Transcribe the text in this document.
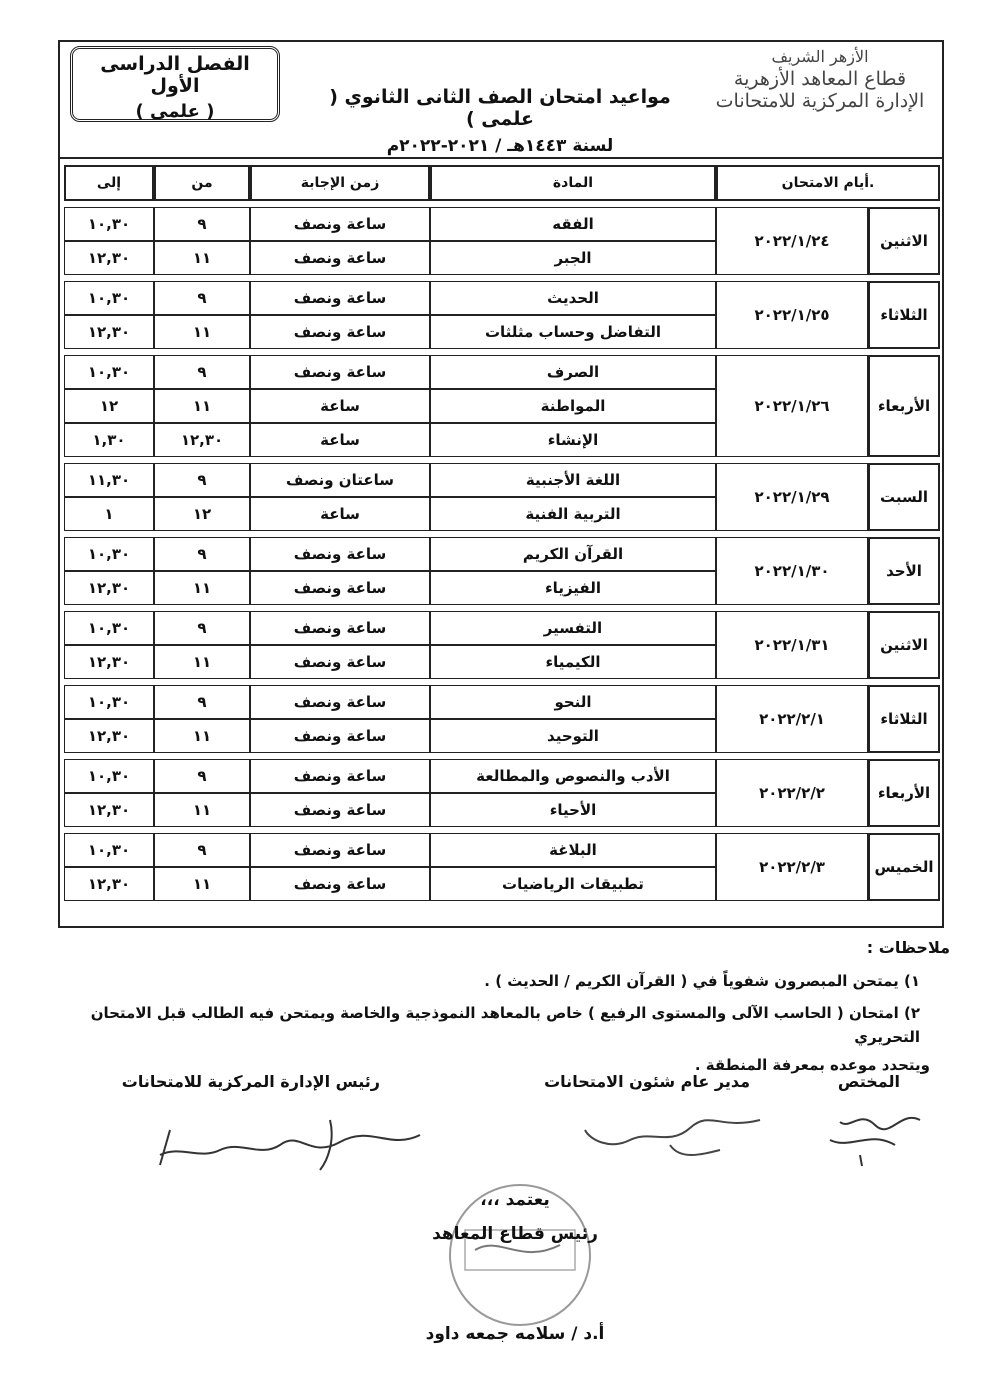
الفصل الدراسى الأول
( علمى )
الأزهر الشريف
قطاع المعاهد الأزهرية
الإدارة المركزية للامتحانات
مواعيد امتحان الصف الثانى الثانوي ( علمى )
لسنة ١٤٤٣هـ / ٢٠٢١-٢٠٢٢م
.أيام الامتحان		المادة	زمن الإجابة	من	إلى

الاثنين	٢٠٢٢/١/٢٤	الفقه	ساعة ونصف	٩	١٠,٣٠
		الجبر	ساعة ونصف	١١	١٢,٣٠

الثلاثاء	٢٠٢٢/١/٢٥	الحديث	ساعة ونصف	٩	١٠,٣٠
		التفاضل وحساب مثلثات	ساعة ونصف	١١	١٢,٣٠

الأربعاء	٢٠٢٢/١/٢٦	الصرف	ساعة ونصف	٩	١٠,٣٠
		المواطنة	ساعة	١١	١٢
		الإنشاء	ساعة	١٢,٣٠	١,٣٠

السبت	٢٠٢٢/١/٢٩	اللغة الأجنبية	ساعتان ونصف	٩	١١,٣٠
		التربية الفنية	ساعة	١٢	١

الأحد	٢٠٢٢/١/٣٠	القرآن الكريم	ساعة ونصف	٩	١٠,٣٠
		الفيزياء	ساعة ونصف	١١	١٢,٣٠

الاثنين	٢٠٢٢/١/٣١	التفسير	ساعة ونصف	٩	١٠,٣٠
		الكيمياء	ساعة ونصف	١١	١٢,٣٠

الثلاثاء	٢٠٢٢/٢/١	النحو	ساعة ونصف	٩	١٠,٣٠
		التوحيد	ساعة ونصف	١١	١٢,٣٠

الأربعاء	٢٠٢٢/٢/٢	الأدب والنصوص والمطالعة	ساعة ونصف	٩	١٠,٣٠
		الأحياء	ساعة ونصف	١١	١٢,٣٠

الخميس	٢٠٢٢/٢/٣	البلاغة	ساعة ونصف	٩	١٠,٣٠
		تطبيقات الرياضيات	ساعة ونصف	١١	١٢,٣٠
ملاحظات :
١) يمتحن المبصرون شفوياً في ( القرآن الكريم / الحديث ) .
٢) امتحان ( الحاسب الآلى والمستوى الرفيع ) خاص بالمعاهد النموذجية والخاصة ويمتحن فيه الطالب قبل الامتحان التحريري
ويتحدد موعده بمعرفة المنطقة .
المختص
مدير عام شئون الامتحانات
رئيس الإدارة المركزية للامتحانات
يعتمد ،،،
رئيس قطاع المعاهد
أ.د / سلامه جمعه داود
